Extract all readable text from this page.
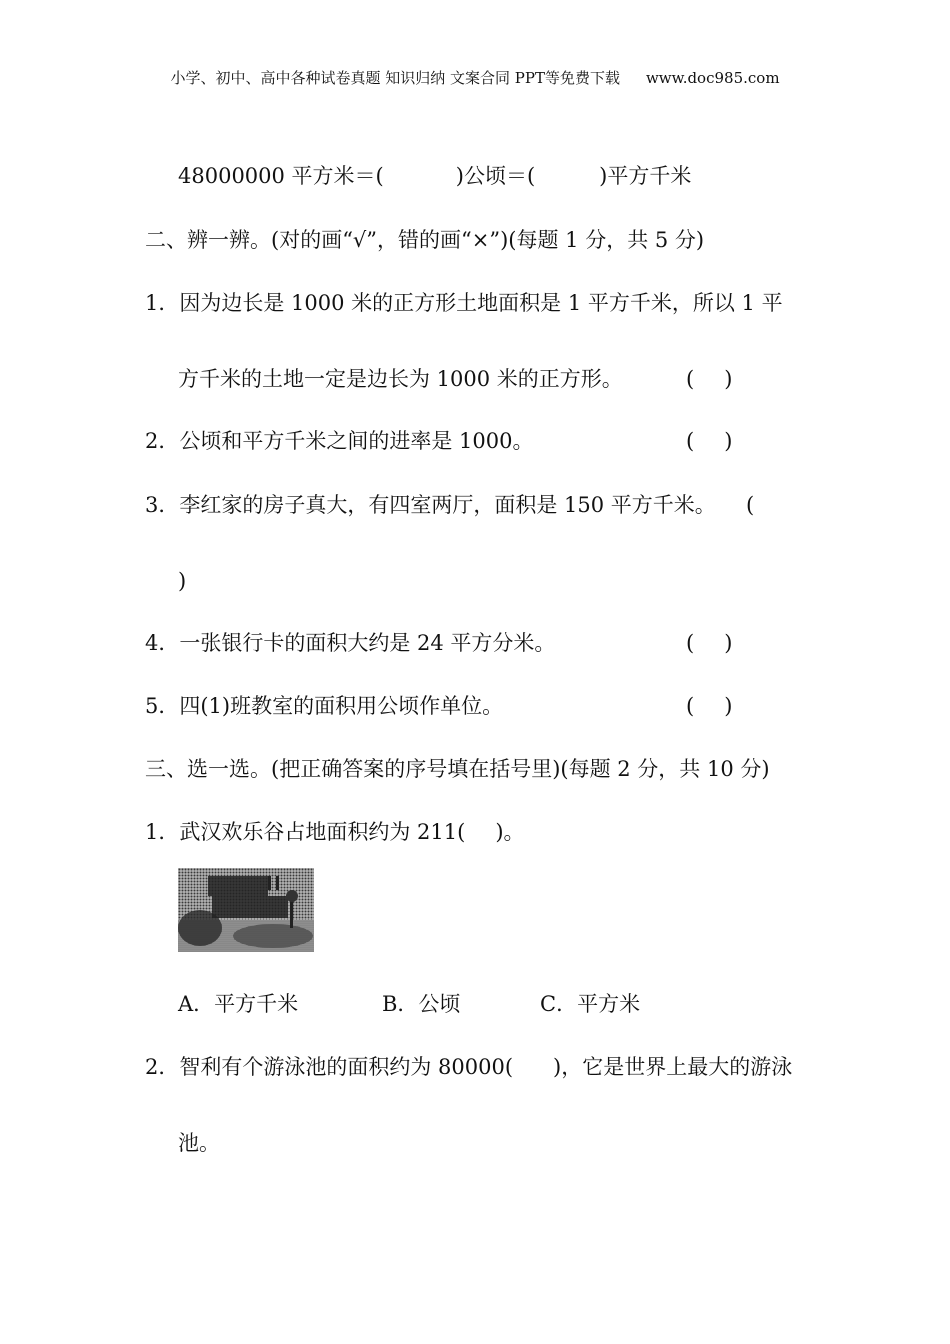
小学、初中、高中各种试卷真题 知识归纳 文案合同 PPT等免费下载 www.doc985.com
48000000 平方米＝(	)公顷＝(	)平方千米
二、辨一辨。(对的画“√”，错的画“×”)(每题 1 分，共 5 分)
1．因为边长是 1000 米的正方形土地面积是 1 平方千米，所以 1 平
方千米的土地一定是边长为 1000 米的正方形。	( )
2．公顷和平方千米之间的进率是 1000。	( )
3．李红家的房子真大，有四室两厅，面积是 150 平方千米。 (
)
4．一张银行卡的面积大约是 24 平方分米。	( )
5．四(1)班教室的面积用公顷作单位。	( )
三、选一选。(把正确答案的序号填在括号里)(每题 2 分，共 10 分)
1．武汉欢乐谷占地面积约为 211( )。
A．平方千米	B．公顷	C．平方米
2．智利有个游泳池的面积约为 80000( )，它是世界上最大的游泳
池。
